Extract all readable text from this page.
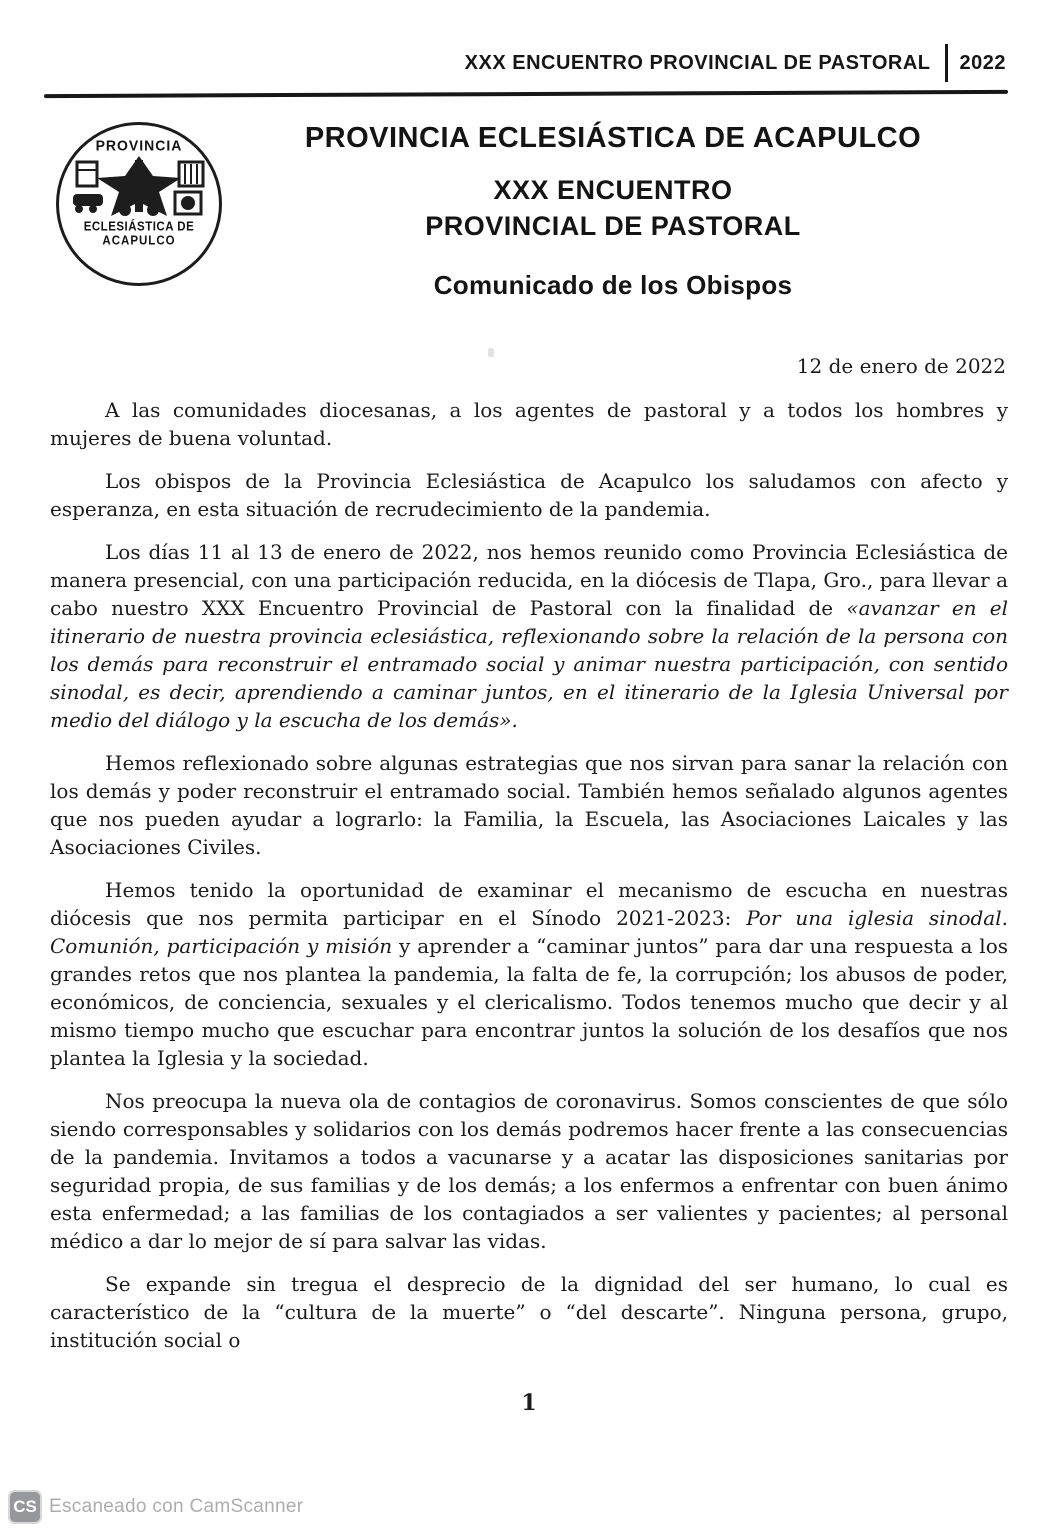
XXX ENCUENTRO PROVINCIAL DE PASTORAL 2022
PROVINCIA
ECLESIÁSTICA DE
ACAPULCO
PROVINCIA ECLESIÁSTICA DE ACAPULCO
XXX ENCUENTRO
PROVINCIAL DE PASTORAL
Comunicado de los Obispos
12 de enero de 2022

A las comunidades diocesanas, a los agentes de pastoral y a todos los hombres y mujeres de buena voluntad.

Los obispos de la Provincia Eclesiástica de Acapulco los saludamos con afecto y esperanza, en esta situación de recrudecimiento de la pandemia.

Los días 11 al 13 de enero de 2022, nos hemos reunido como Provincia Eclesiástica de manera presencial, con una participación reducida, en la diócesis de Tlapa, Gro., para llevar a cabo nuestro XXX Encuentro Provincial de Pastoral con la finalidad de «avanzar en el itinerario de nuestra provincia eclesiástica, reflexionando sobre la relación de la persona con los demás para reconstruir el entramado social y animar nuestra participación, con sentido sinodal, es decir, aprendiendo a caminar juntos, en el itinerario de la Iglesia Universal por medio del diálogo y la escucha de los demás».

Hemos reflexionado sobre algunas estrategias que nos sirvan para sanar la relación con los demás y poder reconstruir el entramado social. También hemos señalado algunos agentes que nos pueden ayudar a lograrlo: la Familia, la Escuela, las Asociaciones Laicales y las Asociaciones Civiles.

Hemos tenido la oportunidad de examinar el mecanismo de escucha en nuestras diócesis que nos permita participar en el Sínodo 2021-2023: Por una iglesia sinodal. Comunión, participación y misión y aprender a “caminar juntos” para dar una respuesta a los grandes retos que nos plantea la pandemia, la falta de fe, la corrupción; los abusos de poder, económicos, de conciencia, sexuales y el clericalismo. Todos tenemos mucho que decir y al mismo tiempo mucho que escuchar para encontrar juntos la solución de los desafíos que nos plantea la Iglesia y la sociedad.

Nos preocupa la nueva ola de contagios de coronavirus. Somos conscientes de que sólo siendo corresponsables y solidarios con los demás podremos hacer frente a las consecuencias de la pandemia. Invitamos a todos a vacunarse y a acatar las disposiciones sanitarias por seguridad propia, de sus familias y de los demás; a los enfermos a enfrentar con buen ánimo esta enfermedad; a las familias de los contagiados a ser valientes y pacientes; al personal médico a dar lo mejor de sí para salvar las vidas.

Se expande sin tregua el desprecio de la dignidad del ser humano, lo cual es característico de la “cultura de la muerte” o “del descarte”. Ninguna persona, grupo, institución social o

1
CS Escaneado con CamScanner
